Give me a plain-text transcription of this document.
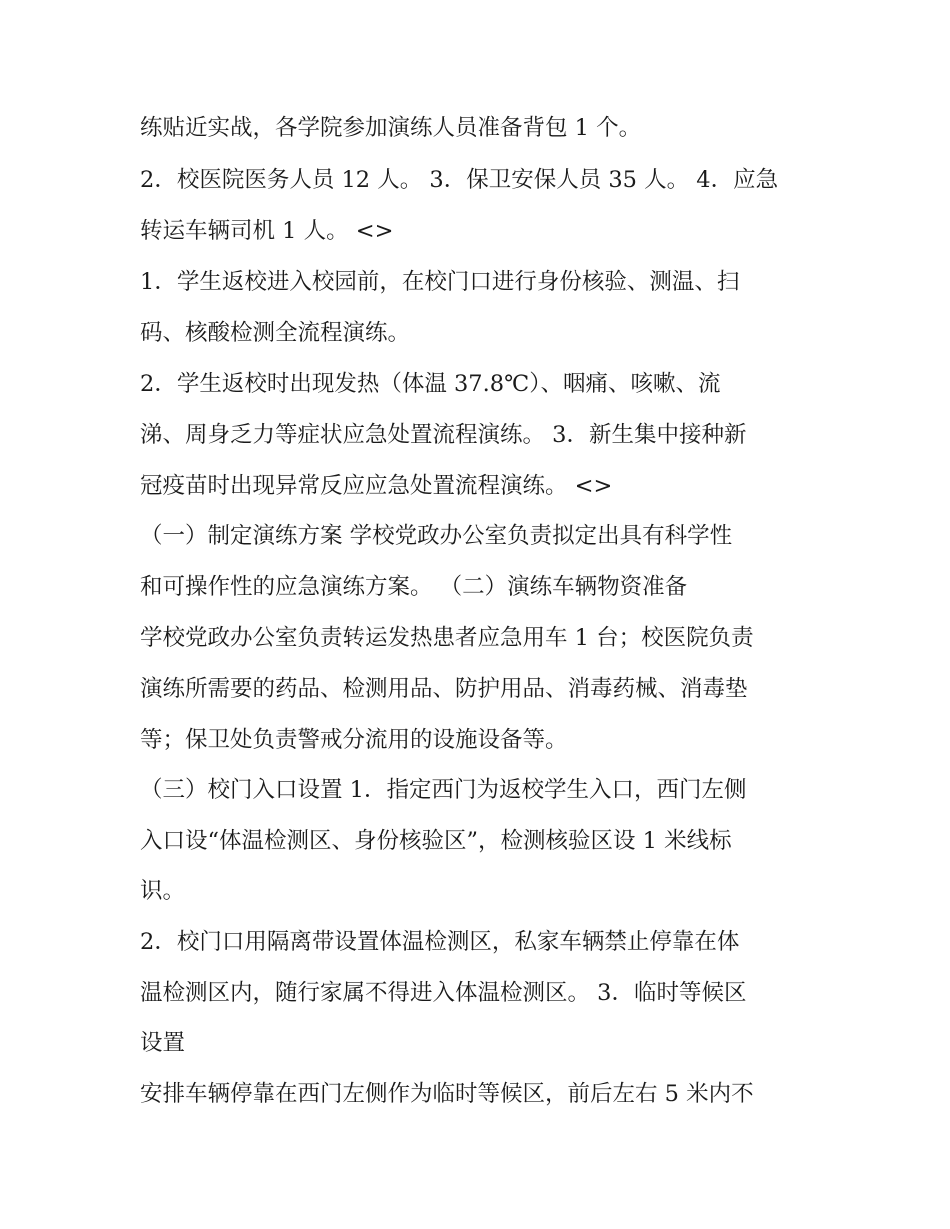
练贴近实战，各学院参加演练人员准备背包 1 个。
2．校医院医务人员 12 人。 3．保卫安保人员 35 人。 4．应急
转运车辆司机 1 人。 <>
1．学生返校进入校园前，在校门口进行身份核验、测温、扫
码、核酸检测全流程演练。
2．学生返校时出现发热（体温 37.8℃）、咽痛、咳嗽、流
涕、周身乏力等症状应急处置流程演练。 3．新生集中接种新
冠疫苗时出现异常反应应急处置流程演练。 <>
（一）制定演练方案 学校党政办公室负责拟定出具有科学性
和可操作性的应急演练方案。 （二）演练车辆物资准备
学校党政办公室负责转运发热患者应急用车 1 台；校医院负责
演练所需要的药品、检测用品、防护用品、消毒药械、消毒垫
等；保卫处负责警戒分流用的设施设备等。
（三）校门入口设置 1．指定西门为返校学生入口，西门左侧
入口设“体温检测区、身份核验区”，检测核验区设 1 米线标
识。
2．校门口用隔离带设置体温检测区，私家车辆禁止停靠在体
温检测区内，随行家属不得进入体温检测区。 3．临时等候区
设置
安排车辆停靠在西门左侧作为临时等候区，前后左右 5 米内不
